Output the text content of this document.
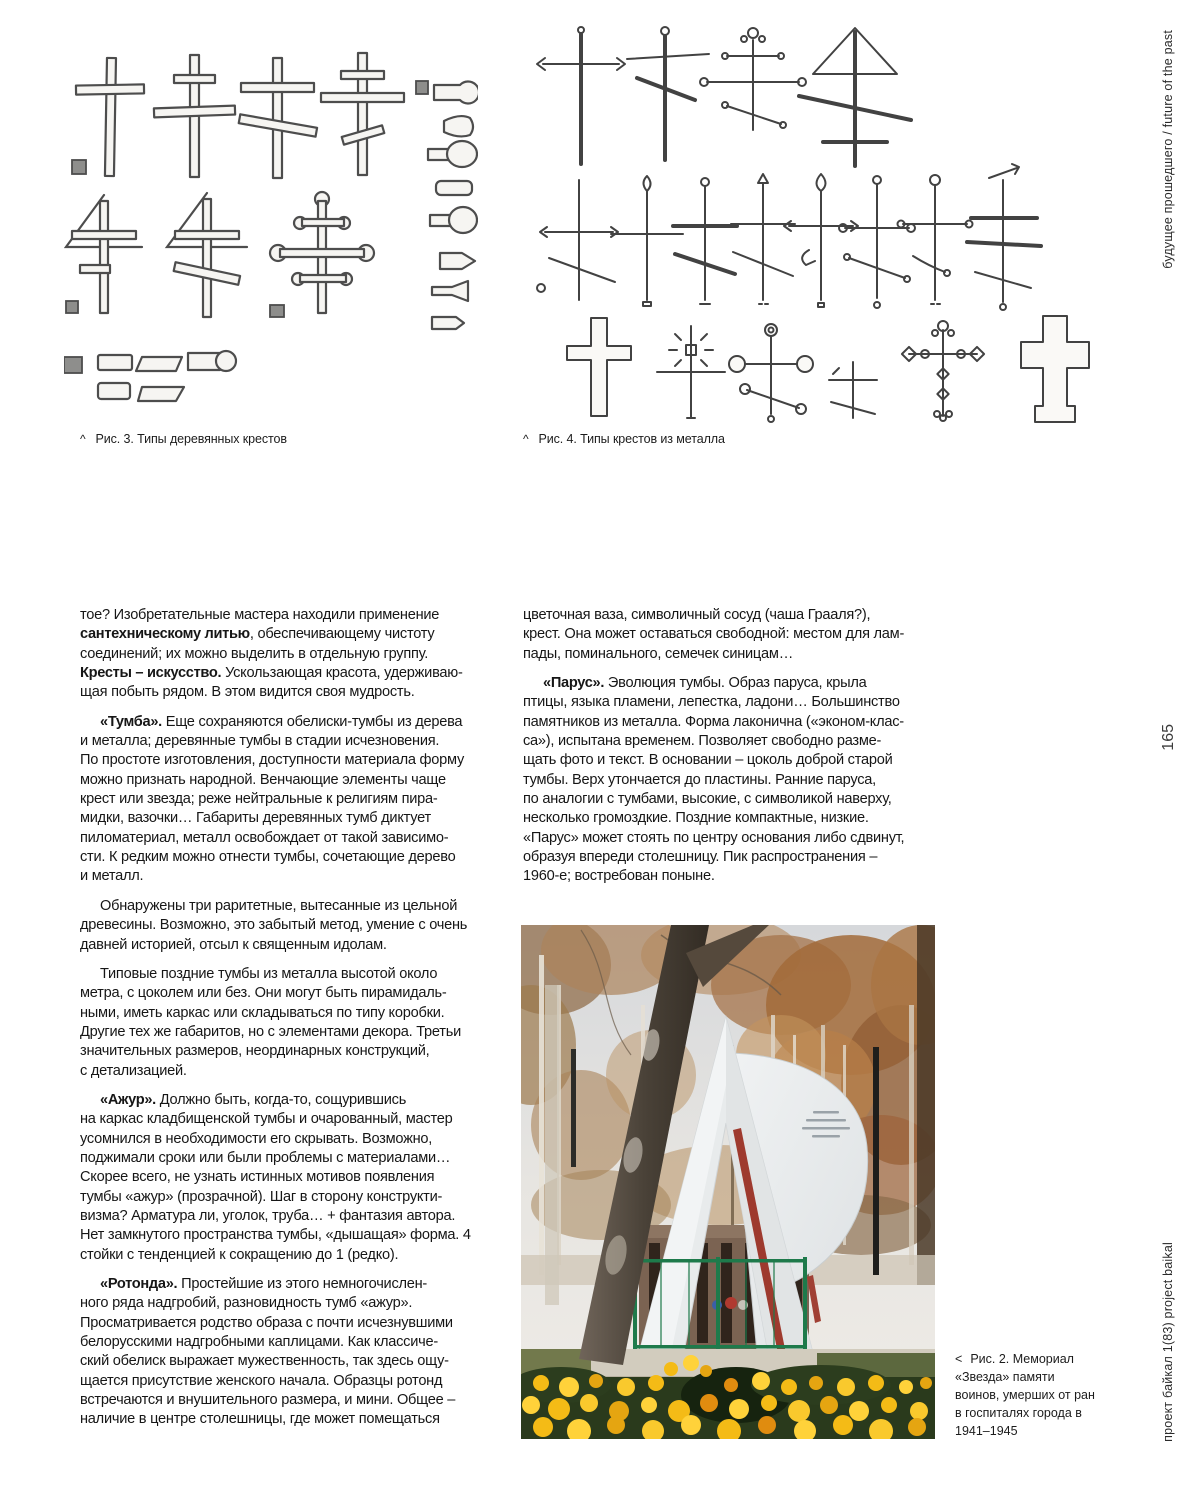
^ Рис. 3. Типы деревянных крестов	^ Рис. 4. Типы крестов из металла
тое? Изобретательные мастера находили применение
сантехническому литью, обеспечивающему чистоту
соединений; их можно выделить в отдельную группу.
Кресты – искусство. Ускользающая красота, удерживаю-
щая побыть рядом. В этом видится своя мудрость.
«Тумба». Еще сохраняются обелиски-тумбы из дерева
и металла; деревянные тумбы в стадии исчезновения.
По простоте изготовления, доступности материала форму
можно признать народной. Венчающие элементы чаще
крест или звезда; реже нейтральные к религиям пира-
мидки, вазочки… Габариты деревянных тумб диктует
пиломатериал, металл освобождает от такой зависимо-
сти. К редким можно отнести тумбы, сочетающие дерево
и металл.
Обнаружены три раритетные, вытесанные из цельной
древесины. Возможно, это забытый метод, умение с очень
давней историей, отсыл к священным идолам.
Типовые поздние тумбы из металла высотой около
метра, с цоколем или без. Они могут быть пирамидаль-
ными, иметь каркас или складываться по типу коробки.
Другие тех же габаритов, но с элементами декора. Третьи
значительных размеров, неординарных конструкций,
с детализацией.
«Ажур». Должно быть, когда-то, сощурившись
на каркас кладбищенской тумбы и очарованный, мастер
усомнился в необходимости его скрывать. Возможно,
поджимали сроки или были проблемы с материалами…
Скорее всего, не узнать истинных мотивов появления
тумбы «ажур» (прозрачной). Шаг в сторону конструкти-
визма? Арматура ли, уголок, труба… + фантазия автора.
Нет замкнутого пространства тумбы, «дышащая» форма. 4
стойки с тенденцией к сокращению до 1 (редко).
«Ротонда». Простейшие из этого немногочислен-
ного ряда надгробий, разновидность тумб «ажур».
Просматривается родство образа с почти исчезнувшими
белорусскими надгробными каплицами. Как классиче-
ский обелиск выражает мужественность, так здесь ощу-
щается присутствие женского начала. Образцы ротонд
встречаются и внушительного размера, и мини. Общее –
наличие в центре столешницы, где может помещаться
цветочная ваза, символичный сосуд (чаша Грааля?),
крест. Она может оставаться свободной: местом для лам-
пады, поминального, семечек синицам…
«Парус». Эволюция тумбы. Образ паруса, крыла
птицы, языка пламени, лепестка, ладони… Большинство
памятников из металла. Форма лаконична («эконом-клас-
са»), испытана временем. Позволяет свободно разме-
щать фото и текст. В основании – цоколь доброй старой
тумбы. Верх утончается до пластины. Ранние паруса,
по аналогии с тумбами, высокие, с символикой наверху,
несколько громоздкие. Поздние компактные, низкие.
«Парус» может стоять по центру основания либо сдвинут,
образуя впереди столешницу. Пик распространения –
1960-е; востребован поныне.
< Рис. 2. Мемориал
«Звезда» памяти
воинов, умерших от ран
в госпиталях города в
1941–1945
будущее прошедшего / future of the past
165
проект байкал 1(83) project baikal
